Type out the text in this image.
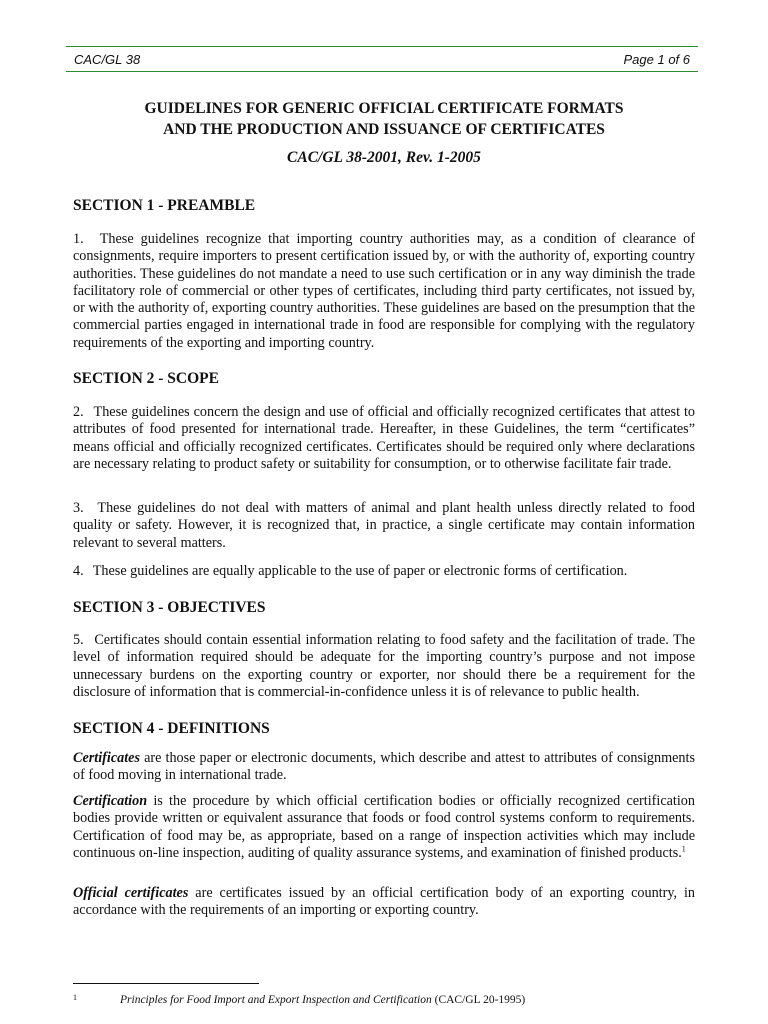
CAC/GL 38	Page 1 of 6
GUIDELINES FOR GENERIC OFFICIAL CERTIFICATE FORMATS
AND THE PRODUCTION AND ISSUANCE OF CERTIFICATES
CAC/GL 38-2001, Rev. 1-2005
SECTION 1 - PREAMBLE
1. These guidelines recognize that importing country authorities may, as a condition of clearance of consignments, require importers to present certification issued by, or with the authority of, exporting country authorities. These guidelines do not mandate a need to use such certification or in any way diminish the trade facilitatory role of commercial or other types of certificates, including third party certificates, not issued by, or with the authority of, exporting country authorities. These guidelines are based on the presumption that the commercial parties engaged in international trade in food are responsible for complying with the regulatory requirements of the exporting and importing country.
SECTION 2 - SCOPE
2. These guidelines concern the design and use of official and officially recognized certificates that attest to attributes of food presented for international trade. Hereafter, in these Guidelines, the term “certificates” means official and officially recognized certificates. Certificates should be required only where declarations are necessary relating to product safety or suitability for consumption, or to otherwise facilitate fair trade.
3. These guidelines do not deal with matters of animal and plant health unless directly related to food quality or safety. However, it is recognized that, in practice, a single certificate may contain information relevant to several matters.
4. These guidelines are equally applicable to the use of paper or electronic forms of certification.
SECTION 3 - OBJECTIVES
5. Certificates should contain essential information relating to food safety and the facilitation of trade. The level of information required should be adequate for the importing country’s purpose and not impose unnecessary burdens on the exporting country or exporter, nor should there be a requirement for the disclosure of information that is commercial-in-confidence unless it is of relevance to public health.
SECTION 4 - DEFINITIONS
Certificates are those paper or electronic documents, which describe and attest to attributes of consignments of food moving in international trade.
Certification is the procedure by which official certification bodies or officially recognized certification bodies provide written or equivalent assurance that foods or food control systems conform to requirements. Certification of food may be, as appropriate, based on a range of inspection activities which may include continuous on-line inspection, auditing of quality assurance systems, and examination of finished products.$^1$
Official certificates are certificates issued by an official certification body of an exporting country, in accordance with the requirements of an importing or exporting country.
1	Principles for Food Import and Export Inspection and Certification (CAC/GL 20-1995)
